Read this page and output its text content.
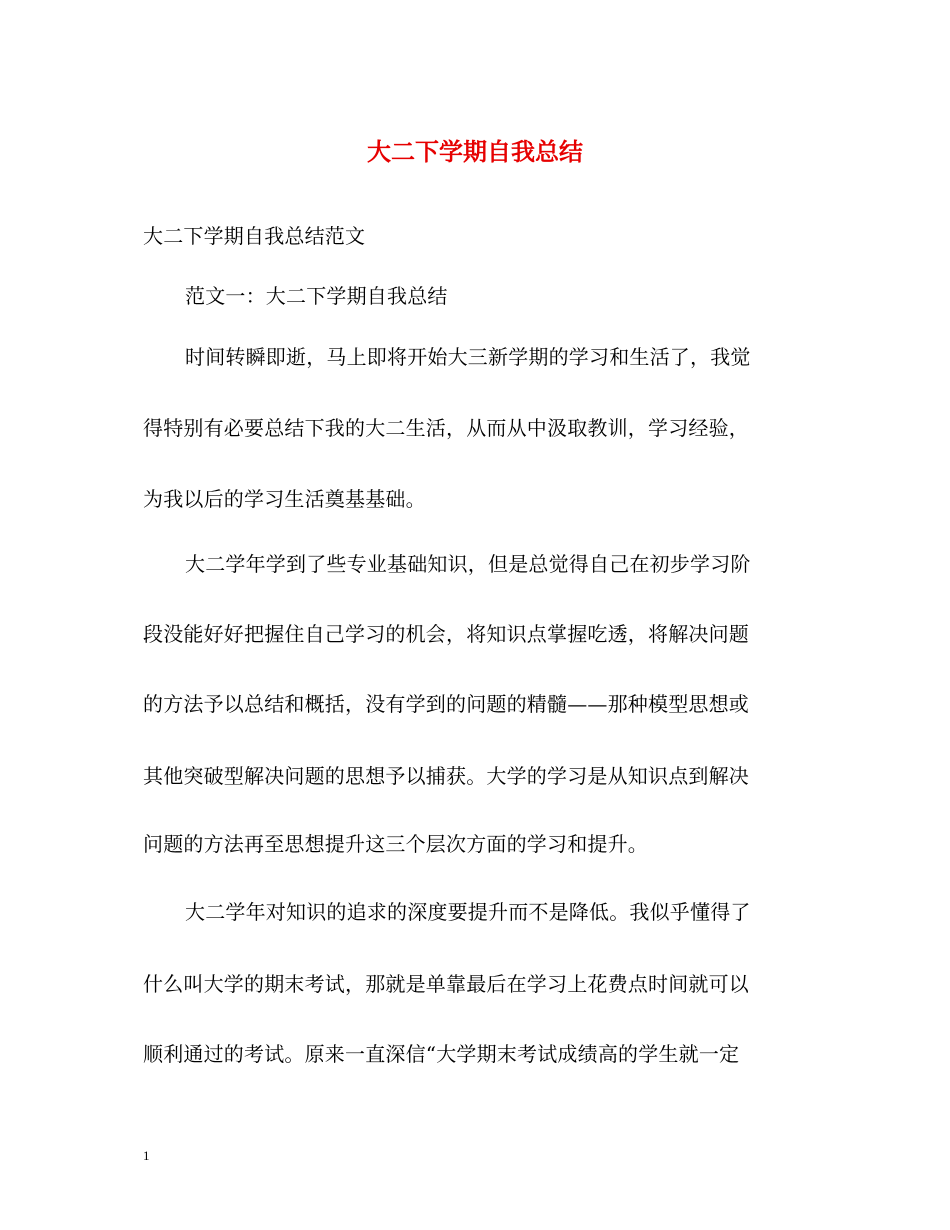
大二下学期自我总结
大二下学期自我总结范文
范文一：大二下学期自我总结
时间转瞬即逝，马上即将开始大三新学期的学习和生活了，我觉
得特别有必要总结下我的大二生活，从而从中汲取教训，学习经验，
为我以后的学习生活奠基基础。
大二学年学到了些专业基础知识，但是总觉得自己在初步学习阶
段没能好好把握住自己学习的机会，将知识点掌握吃透，将解决问题
的方法予以总结和概括，没有学到的问题的精髓——那种模型思想或
其他突破型解决问题的思想予以捕获。大学的学习是从知识点到解决
问题的方法再至思想提升这三个层次方面的学习和提升。
大二学年对知识的追求的深度要提升而不是降低。我似乎懂得了
什么叫大学的期末考试，那就是单靠最后在学习上花费点时间就可以
顺利通过的考试。原来一直深信“大学期末考试成绩高的学生就一定
1
